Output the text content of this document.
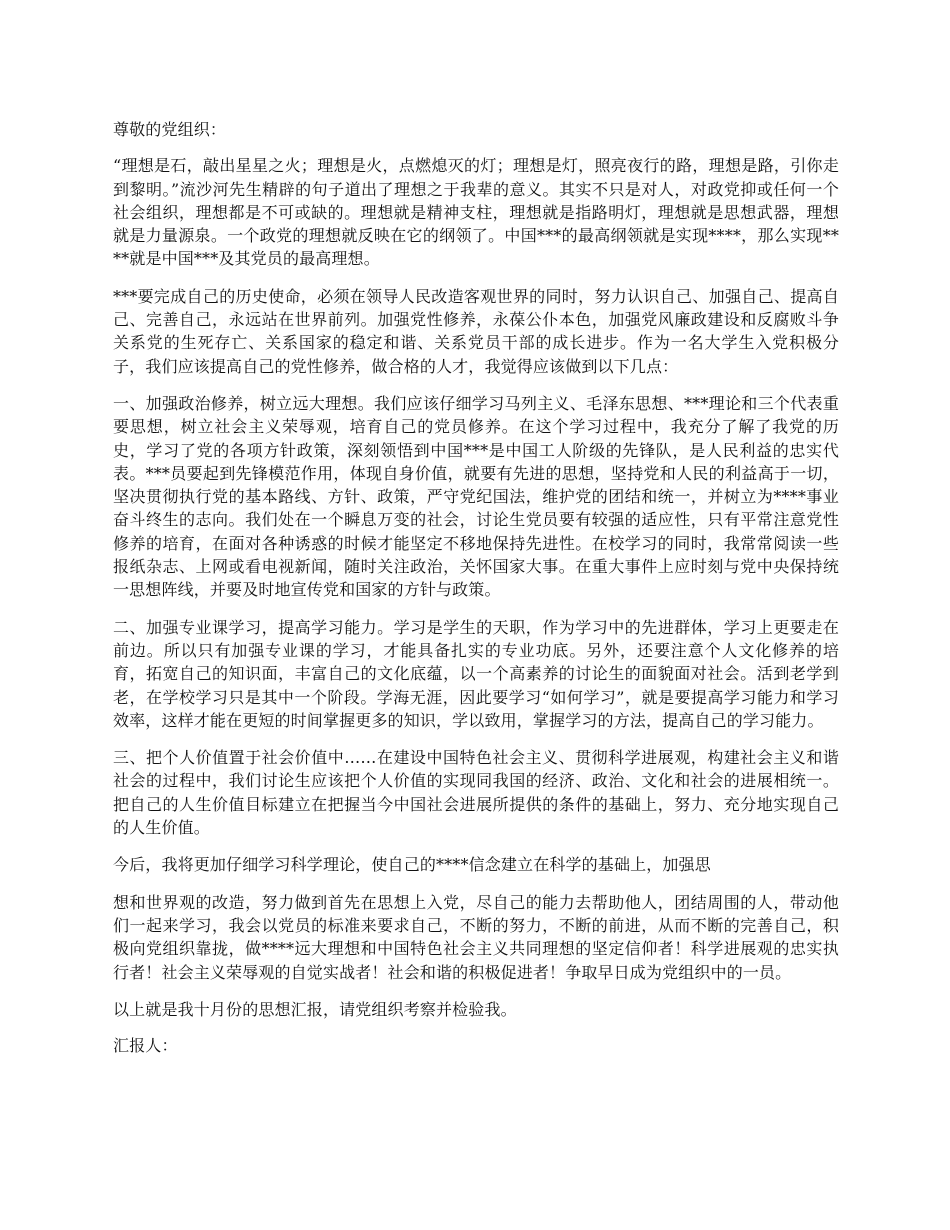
尊敬的党组织：

“理想是石，敲出星星之火；理想是火，点燃熄灭的灯；理想是灯，照亮夜行的路，理想是路，引你走到黎明。”流沙河先生精辟的句子道出了理想之于我辈的意义。其实不只是对人，对政党抑或任何一个社会组织，理想都是不可或缺的。理想就是精神支柱，理想就是指路明灯，理想就是思想武器，理想就是力量源泉。一个政党的理想就反映在它的纲领了。中国***的最高纲领就是实现****，那么实现****就是中国***及其党员的最高理想。

***要完成自己的历史使命，必须在领导人民改造客观世界的同时，努力认识自己、加强自己、提高自己、完善自己，永远站在世界前列。加强党性修养，永葆公仆本色，加强党风廉政建设和反腐败斗争关系党的生死存亡、关系国家的稳定和谐、关系党员干部的成长进步。作为一名大学生入党积极分子，我们应该提高自己的党性修养，做合格的人才，我觉得应该做到以下几点：

一、加强政治修养，树立远大理想。我们应该仔细学习马列主义、毛泽东思想、***理论和三个代表重要思想，树立社会主义荣辱观，培育自己的党员修养。在这个学习过程中，我充分了解了我党的历史，学习了党的各项方针政策，深刻领悟到中国***是中国工人阶级的先锋队，是人民利益的忠实代表。***员要起到先锋模范作用，体现自身价值，就要有先进的思想，坚持党和人民的利益高于一切，坚决贯彻执行党的基本路线、方针、政策，严守党纪国法，维护党的团结和统一，并树立为****事业奋斗终生的志向。我们处在一个瞬息万变的社会，讨论生党员要有较强的适应性，只有平常注意党性修养的培育，在面对各种诱惑的时候才能坚定不移地保持先进性。在校学习的同时，我常常阅读一些报纸杂志、上网或看电视新闻，随时关注政治，关怀国家大事。在重大事件上应时刻与党中央保持统一思想阵线，并要及时地宣传党和国家的方针与政策。

二、加强专业课学习，提高学习能力。学习是学生的天职，作为学习中的先进群体，学习上更要走在前边。所以只有加强专业课的学习，才能具备扎实的专业功底。另外，还要注意个人文化修养的培育，拓宽自己的知识面，丰富自己的文化底蕴，以一个高素养的讨论生的面貌面对社会。活到老学到老，在学校学习只是其中一个阶段。学海无涯，因此要学习“如何学习”，就是要提高学习能力和学习效率，这样才能在更短的时间掌握更多的知识，学以致用，掌握学习的方法，提高自己的学习能力。

三、把个人价值置于社会价值中……在建设中国特色社会主义、贯彻科学进展观，构建社会主义和谐社会的过程中，我们讨论生应该把个人价值的实现同我国的经济、政治、文化和社会的进展相统一。把自己的人生价值目标建立在把握当今中国社会进展所提供的条件的基础上，努力、充分地实现自己的人生价值。

今后，我将更加仔细学习科学理论，使自己的****信念建立在科学的基础上，加强思

想和世界观的改造，努力做到首先在思想上入党，尽自己的能力去帮助他人，团结周围的人，带动他们一起来学习，我会以党员的标准来要求自己，不断的努力，不断的前进，从而不断的完善自己，积极向党组织靠拢，做****远大理想和中国特色社会主义共同理想的坚定信仰者！科学进展观的忠实执行者！社会主义荣辱观的自觉实战者！社会和谐的积极促进者！争取早日成为党组织中的一员。

以上就是我十月份的思想汇报，请党组织考察并检验我。

汇报人：
